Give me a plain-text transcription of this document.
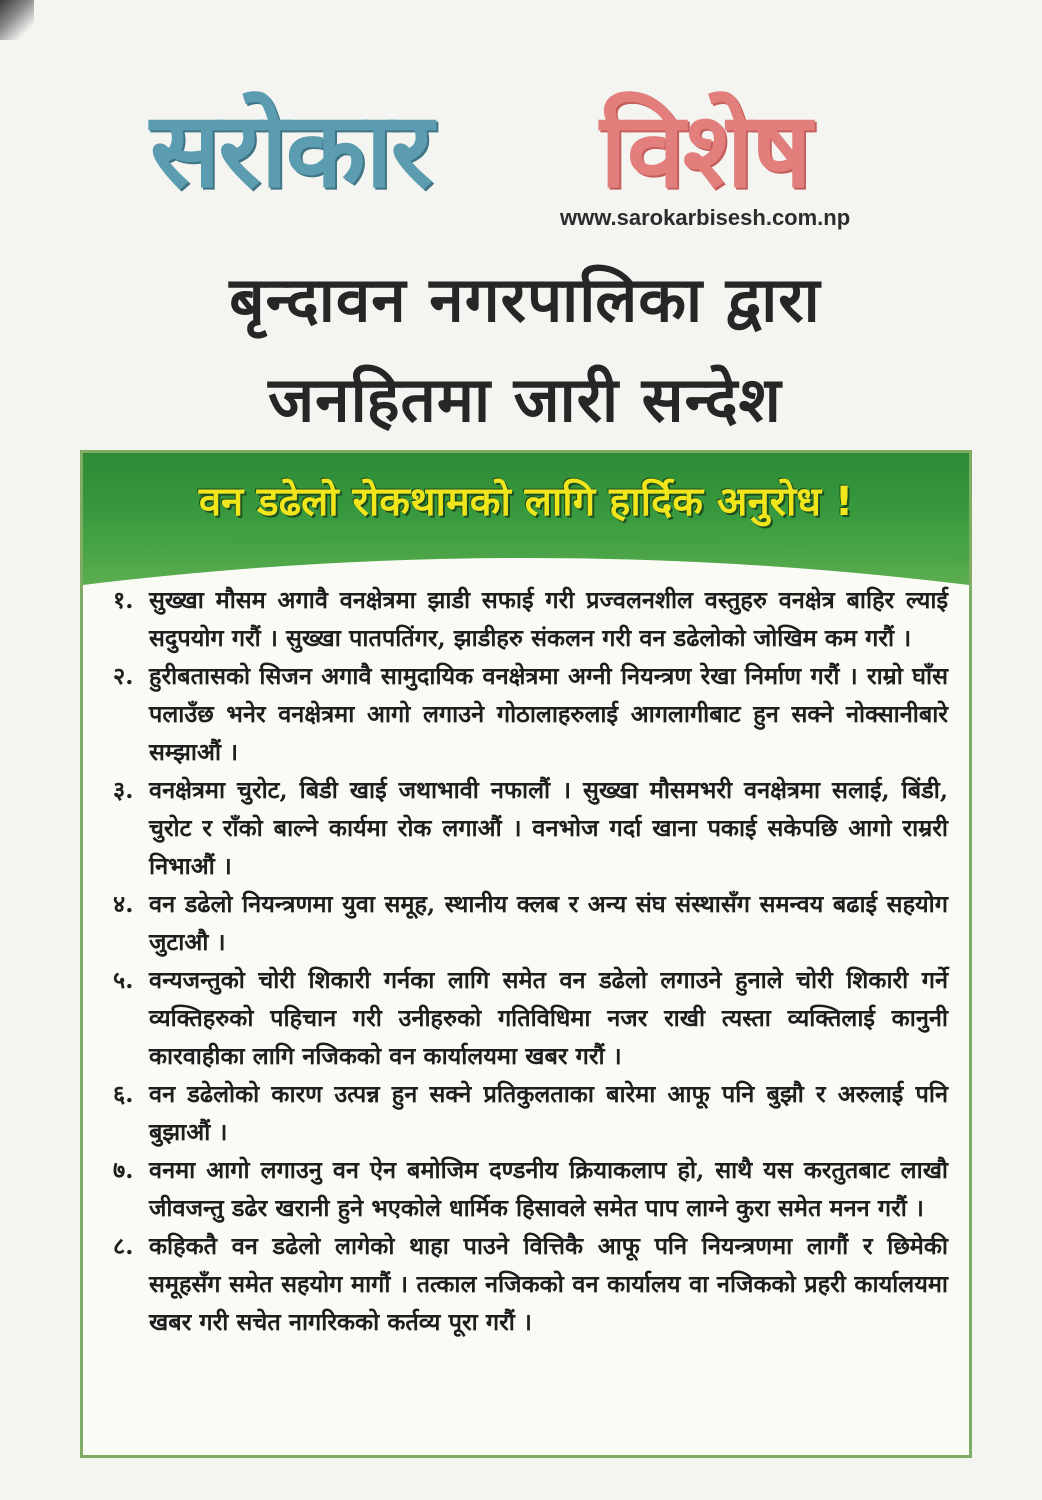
सरोकार विशेष
www.sarokarbisesh.com.np
बृन्दावन नगरपालिका द्वारा
जनहितमा जारी सन्देश
वन डढेलो रोकथामको लागि हार्दिक अनुरोध !
१. सुख्खा मौसम अगावै वनक्षेत्रमा झाडी सफाई गरी प्रज्वलनशील वस्तुहरु वनक्षेत्र बाहिर ल्याई सदुपयोग गरौं । सुख्खा पातपतिंगर, झाडीहरु संकलन गरी वन डढेलोको जोखिम कम गरौं ।
२. हुरीबतासको सिजन अगावै सामुदायिक वनक्षेत्रमा अग्नी नियन्त्रण रेखा निर्माण गरौं । राम्रो घाँस पलाउँछ भनेर वनक्षेत्रमा आगो लगाउने गोठालाहरुलाई आगलागीबाट हुन सक्ने नोक्सानीबारे सम्झाऔं ।
३. वनक्षेत्रमा चुरोट, बिडी खाई जथाभावी नफालौं । सुख्खा मौसमभरी वनक्षेत्रमा सलाई, बिंडी, चुरोट र राँको बाल्ने कार्यमा रोक लगाऔं । वनभोज गर्दा खाना पकाई सकेपछि आगो राम्ररी निभाऔं ।
४. वन डढेलो नियन्त्रणमा युवा समूह, स्थानीय क्लब र अन्य संघ संस्थासँग समन्वय बढाई सहयोग जुटाऔ ।
५. वन्यजन्तुको चोरी शिकारी गर्नका लागि समेत वन डढेलो लगाउने हुनाले चोरी शिकारी गर्ने व्यक्तिहरुको पहिचान गरी उनीहरुको गतिविधिमा नजर राखी त्यस्ता व्यक्तिलाई कानुनी कारवाहीका लागि नजिकको वन कार्यालयमा खबर गरौं ।
६. वन डढेलोको कारण उत्पन्न हुन सक्ने प्रतिकुलताका बारेमा आफू पनि बुझौ र अरुलाई पनि बुझाऔं ।
७. वनमा आगो लगाउनु वन ऐन बमोजिम दण्डनीय क्रियाकलाप हो, साथै यस करतुतबाट लाखौ जीवजन्तु डढेर खरानी हुने भएकोले धार्मिक हिसावले समेत पाप लाग्ने कुरा समेत मनन गरौं ।
८. कहिकतै वन डढेलो लागेको थाहा पाउने वित्तिकै आफू पनि नियन्त्रणमा लागौं र छिमेकी समूहसँग समेत सहयोग मागौं । तत्काल नजिकको वन कार्यालय वा नजिकको प्रहरी कार्यालयमा खबर गरी सचेत नागरिकको कर्तव्य पूरा गरौं ।
